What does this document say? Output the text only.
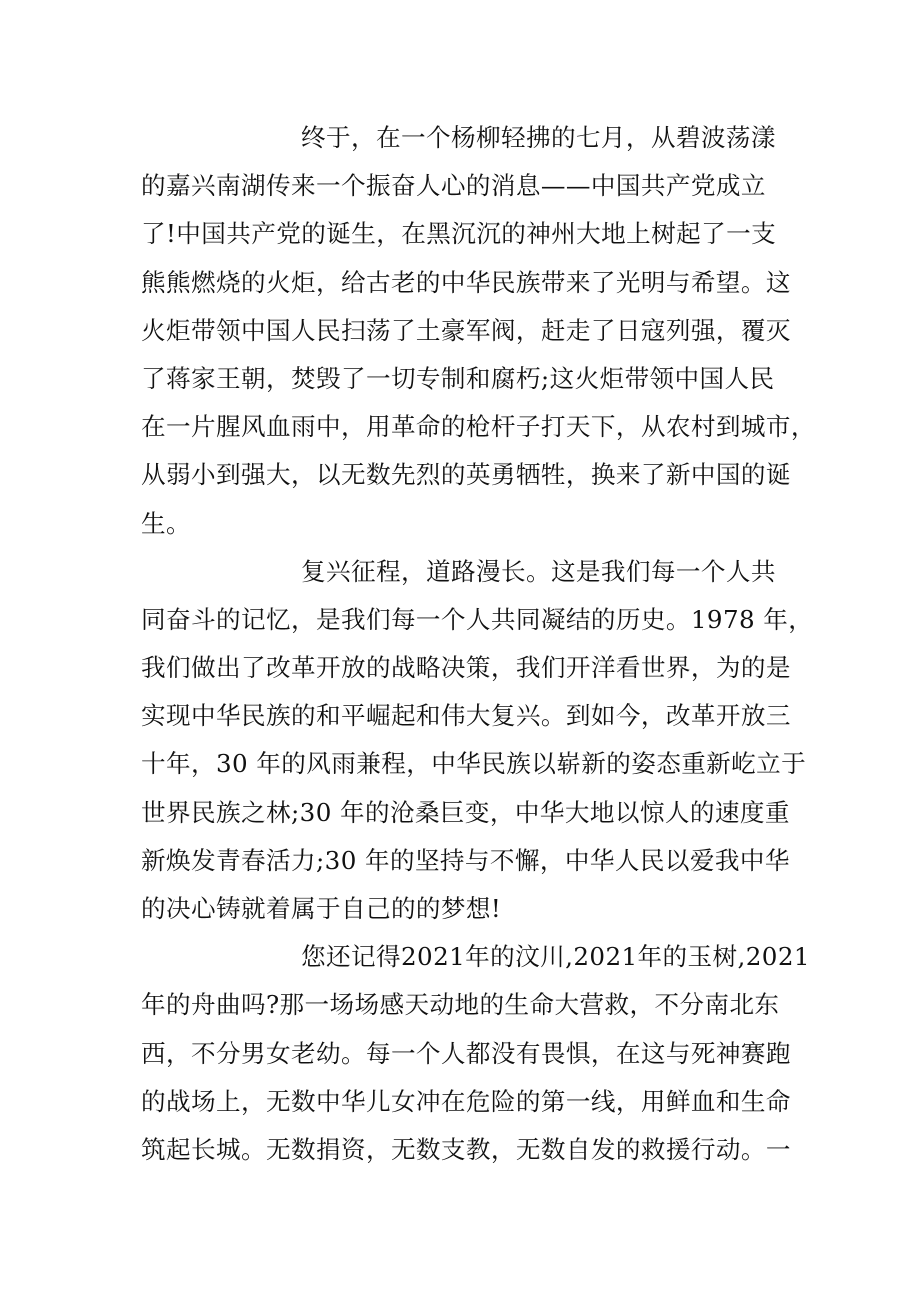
终于，在一个杨柳轻拂的七月，从碧波荡漾
的嘉兴南湖传来一个振奋人心的消息——中国共产党成立
了!中国共产党的诞生，在黑沉沉的神州大地上树起了一支
熊熊燃烧的火炬，给古老的中华民族带来了光明与希望。这
火炬带领中国人民扫荡了土豪军阀，赶走了日寇列强，覆灭
了蒋家王朝，焚毁了一切专制和腐朽;这火炬带领中国人民
在一片腥风血雨中，用革命的枪杆子打天下，从农村到城市，
从弱小到强大，以无数先烈的英勇牺牲，换来了新中国的诞
生。
复兴征程，道路漫长。这是我们每一个人共
同奋斗的记忆，是我们每一个人共同凝结的历史。1978 年，
我们做出了改革开放的战略决策，我们开洋看世界，为的是
实现中华民族的和平崛起和伟大复兴。到如今，改革开放三
十年，30 年的风雨兼程，中华民族以崭新的姿态重新屹立于
世界民族之林;30 年的沧桑巨变，中华大地以惊人的速度重
新焕发青春活力;30 年的坚持与不懈，中华人民以爱我中华
的决心铸就着属于自己的的梦想!
您还记得2021年的汶川,2021年的玉树,2021
年的舟曲吗?那一场场感天动地的生命大营救，不分南北东
西，不分男女老幼。每一个人都没有畏惧，在这与死神赛跑
的战场上，无数中华儿女冲在危险的第一线，用鲜血和生命
筑起长城。无数捐资，无数支教，无数自发的救援行动。一
